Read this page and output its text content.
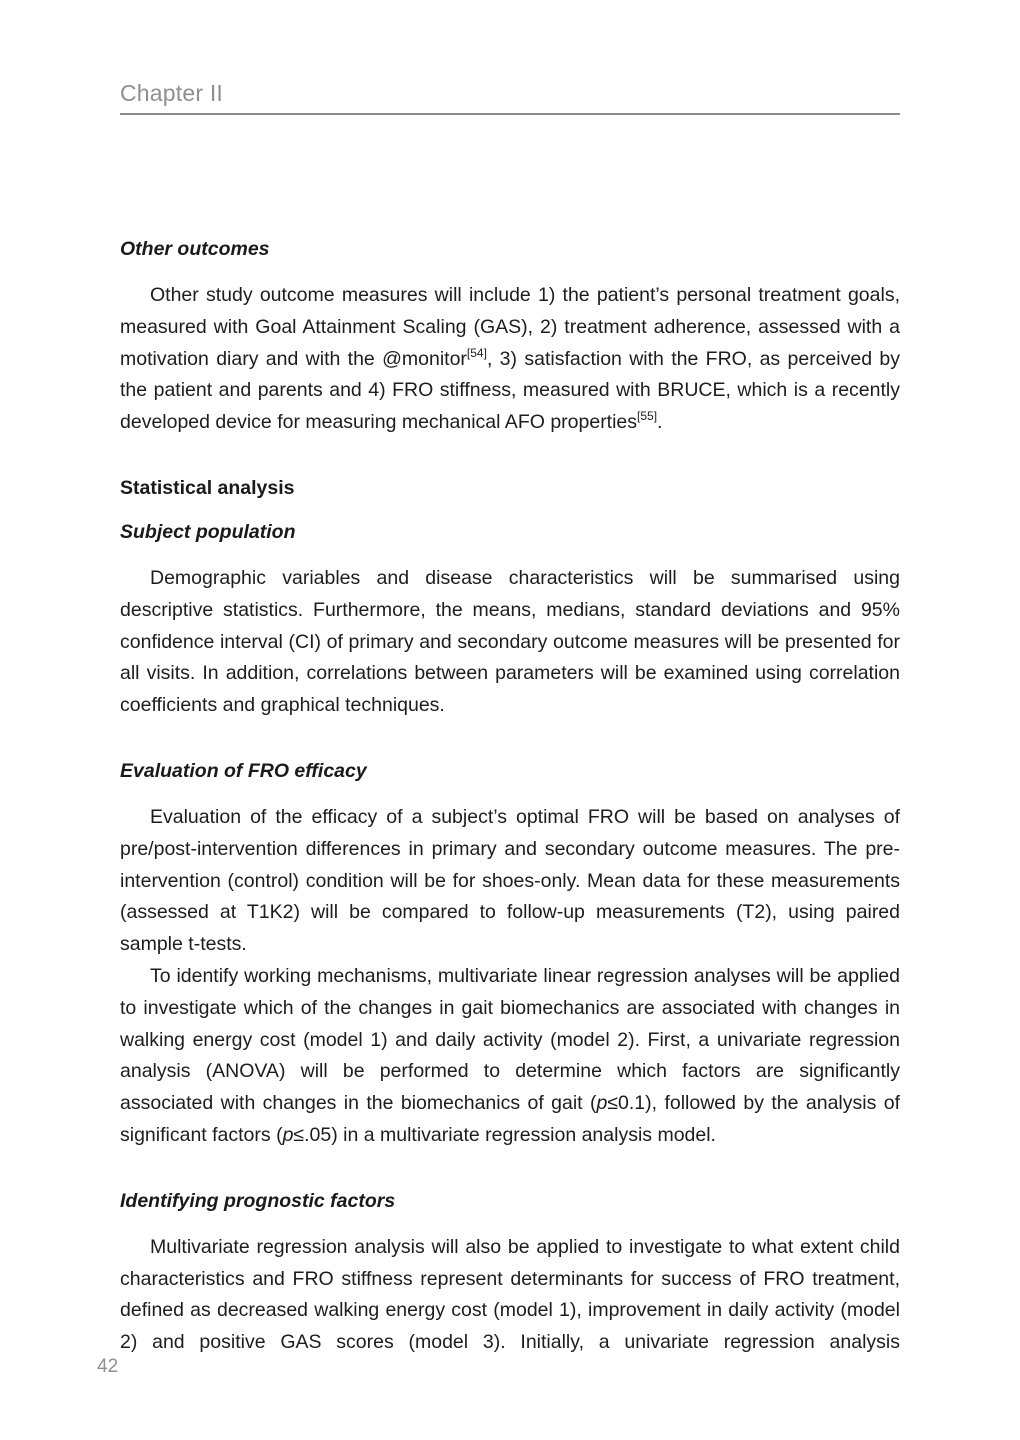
Chapter II
Other outcomes

Other study outcome measures will include 1) the patient’s personal treatment goals, measured with Goal Attainment Scaling (GAS), 2) treatment adherence, assessed with a motivation diary and with the @monitor[54], 3) satisfaction with the FRO, as perceived by the patient and parents and 4) FRO stiffness, measured with BRUCE, which is a recently developed device for measuring mechanical AFO properties[55].

Statistical analysis
Subject population

Demographic variables and disease characteristics will be summarised using descriptive statistics. Furthermore, the means, medians, standard deviations and 95% confidence interval (CI) of primary and secondary outcome measures will be presented for all visits. In addition, correlations between parameters will be examined using correlation coefficients and graphical techniques.

Evaluation of FRO efficacy

Evaluation of the efficacy of a subject’s optimal FRO will be based on analyses of pre/post-intervention differences in primary and secondary outcome measures. The pre-intervention (control) condition will be for shoes-only. Mean data for these measurements (assessed at T1K2) will be compared to follow-up measurements (T2), using paired sample t-tests.

To identify working mechanisms, multivariate linear regression analyses will be applied to investigate which of the changes in gait biomechanics are associated with changes in walking energy cost (model 1) and daily activity (model 2). First, a univariate regression analysis (ANOVA) will be performed to determine which factors are significantly associated with changes in the biomechanics of gait (p≤0.1), followed by the analysis of significant factors (p≤.05) in a multivariate regression analysis model.

Identifying prognostic factors

Multivariate regression analysis will also be applied to investigate to what extent child characteristics and FRO stiffness represent determinants for success of FRO treatment, defined as decreased walking energy cost (model 1), improvement in daily activity (model 2) and positive GAS scores (model 3). Initially, a univariate regression analysis

42
